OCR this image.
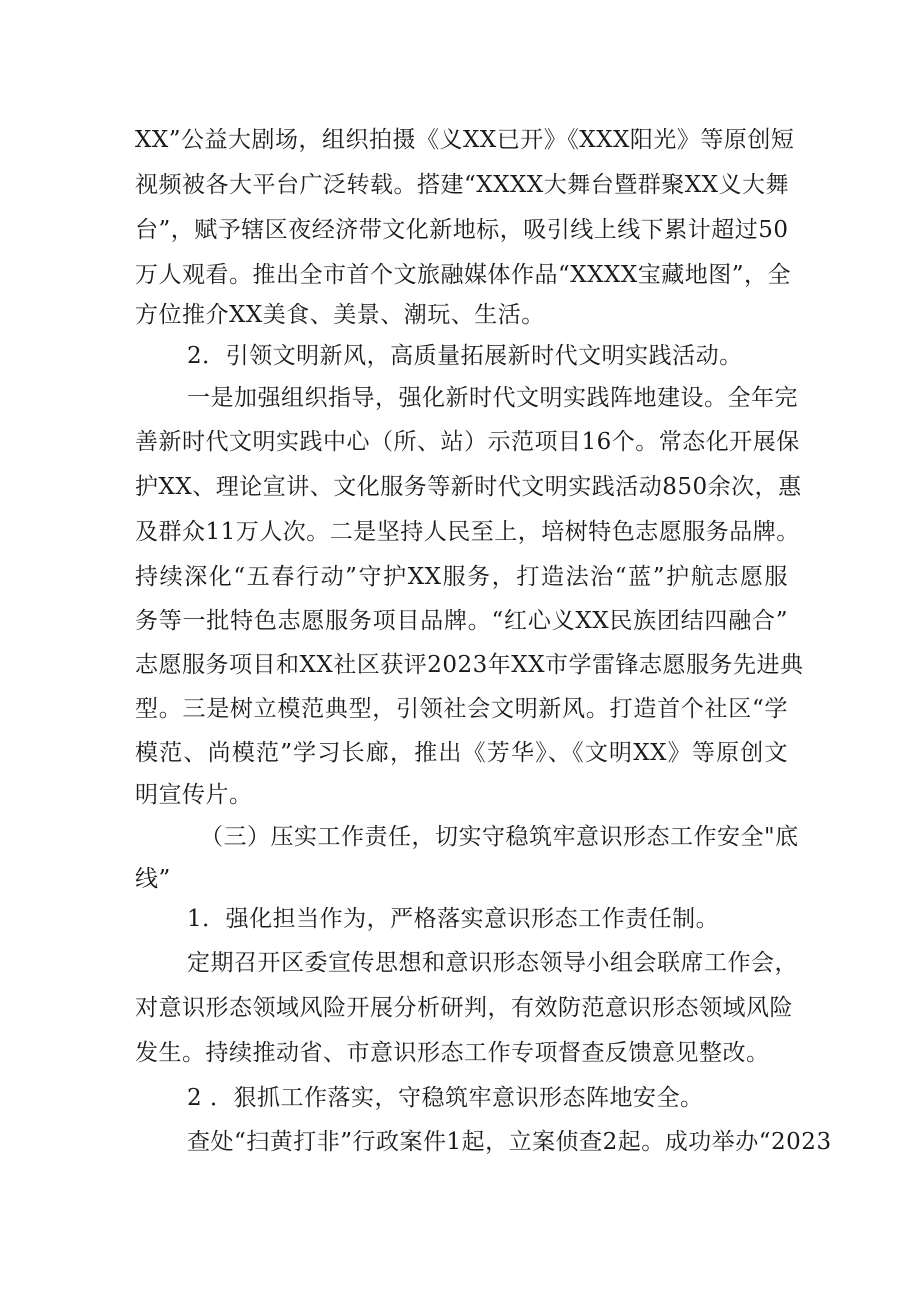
XX”公益大剧场，组织拍摄《义XX已开》《XXX阳光》等原创短
视频被各大平台广泛转载。搭建“XXXX大舞台暨群聚XX义大舞
台”，赋予辖区夜经济带文化新地标，吸引线上线下累计超过50
万人观看。推出全市首个文旅融媒体作品“XXXX宝藏地图”，全
方位推介XX美食、美景、潮玩、生活。
2．引领文明新风，高质量拓展新时代文明实践活动。
一是加强组织指导，强化新时代文明实践阵地建设。全年完
善新时代文明实践中心（所、站）示范项目16个。常态化开展保
护XX、理论宣讲、文化服务等新时代文明实践活动850余次，惠
及群众11万人次。二是坚持人民至上，培树特色志愿服务品牌。
持续深化“五春行动”守护XX服务，打造法治“蓝”护航志愿服
务等一批特色志愿服务项目品牌。“红心义XX民族团结四融合”
志愿服务项目和XX社区获评2023年XX市学雷锋志愿服务先进典
型。三是树立模范典型，引领社会文明新风。打造首个社区“学
模范、尚模范”学习长廊，推出《芳华》、《文明XX》等原创文
明宣传片。
（三）压实工作责任，切实守稳筑牢意识形态工作安全"底
线”
1．强化担当作为，严格落实意识形态工作责任制。
定期召开区委宣传思想和意识形态领导小组会联席工作会，
对意识形态领域风险开展分析研判，有效防范意识形态领域风险
发生。持续推动省、市意识形态工作专项督查反馈意见整改。
2 ．狠抓工作落实，守稳筑牢意识形态阵地安全。
查处“扫黄打非”行政案件1起，立案侦查2起。成功举办“2023
